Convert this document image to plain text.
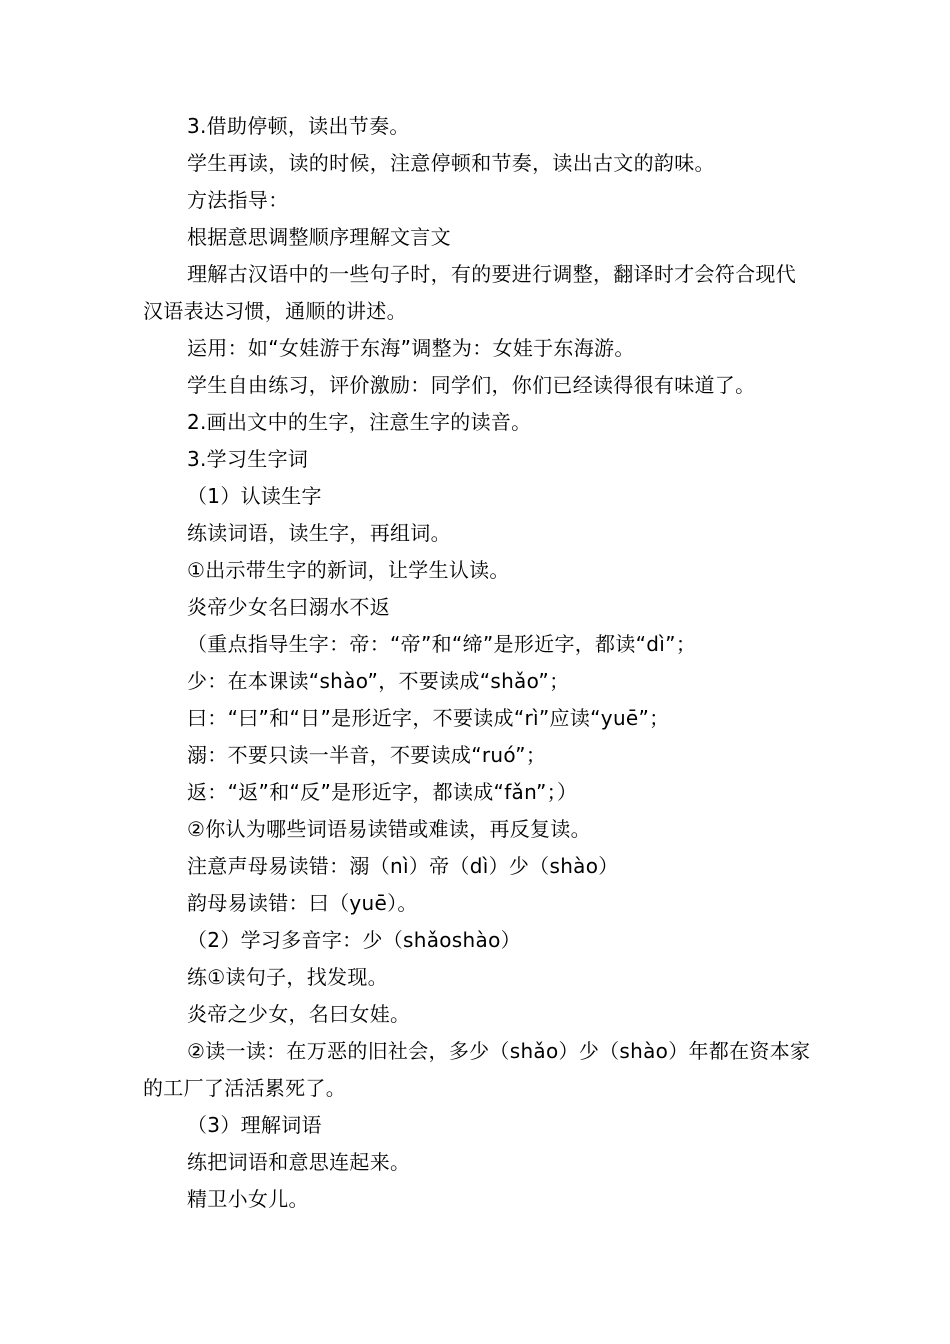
3.借助停顿，读出节奏。

学生再读，读的时候，注意停顿和节奏，读出古文的韵味。

方法指导：

根据意思调整顺序理解文言文

理解古汉语中的一些句子时，有的要进行调整，翻译时才会符合现代汉语表达习惯，通顺的讲述。

运用：如“女娃游于东海”调整为：女娃于东海游。

学生自由练习，评价激励：同学们，你们已经读得很有味道了。

2.画出文中的生字，注意生字的读音。

3.学习生字词

（1）认读生字

练读词语，读生字，再组词。

①出示带生字的新词，让学生认读。

炎帝少女名曰溺水不返

（重点指导生字：帝：“帝”和“缔”是形近字，都读“dì”；

少：在本课读“shào”，不要读成“shǎo”；

曰：“曰”和“日”是形近字，不要读成“rì”应读“yuē”；

溺：不要只读一半音，不要读成“ruó”；

返：“返”和“反”是形近字，都读成“fǎn”；）

②你认为哪些词语易读错或难读，再反复读。

注意声母易读错：溺（nì）帝（dì）少（shào）

韵母易读错：曰（yuē）。

（2）学习多音字：少（shǎoshào）

练①读句子，找发现。

炎帝之少女，名曰女娃。

②读一读：在万恶的旧社会，多少（shǎo）少（shào）年都在资本家的工厂了活活累死了。

（3）理解词语

练把词语和意思连起来。

精卫小女儿。
